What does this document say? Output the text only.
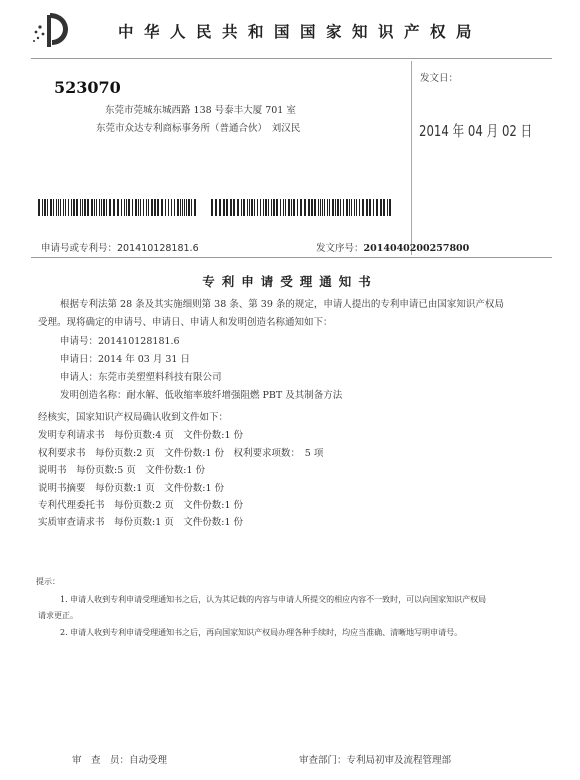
中华人民共和国国家知识产权局
523070
东莞市莞城东城西路 138 号泰丰大厦 701 室
东莞市众达专利商标事务所（普通合伙）　刘汉民
发文日：
2014 年 04 月 02 日
申请号或专利号：201410128181.6	发文序号：2014040200257800
专利申请受理通知书
根据专利法第 28 条及其实施细则第 38 条、第 39 条的规定，申请人提出的专利申请已由国家知识产权局
受理。现将确定的申请号、申请日、申请人和发明创造名称通知如下：
申请号：201410128181.6
申请日：2014 年 03 月 31 日
申请人：东莞市美塑塑料科技有限公司
发明创造名称：耐水解、低收缩率玻纤增强阻燃 PBT 及其制备方法
经核实，国家知识产权局确认收到文件如下：
发明专利请求书　每份页数:4 页　文件份数:1 份
权利要求书　每份页数:2 页　文件份数:1 份　权利要求项数：　5 项
说明书　每份页数:5 页　文件份数:1 份
说明书摘要　每份页数:1 页　文件份数:1 份
专利代理委托书　每份页数:2 页　文件份数:1 份
实质审查请求书　每份页数:1 页　文件份数:1 份
提示：
1. 申请人收到专利申请受理通知书之后，认为其记载的内容与申请人所提交的相应内容不一致时，可以向国家知识产权局
请求更正。
2. 申请人收到专利申请受理通知书之后，再向国家知识产权局办理各种手续时，均应当准确、清晰地写明申请号。
审　查　员：自动受理	审查部门：专利局初审及流程管理部
